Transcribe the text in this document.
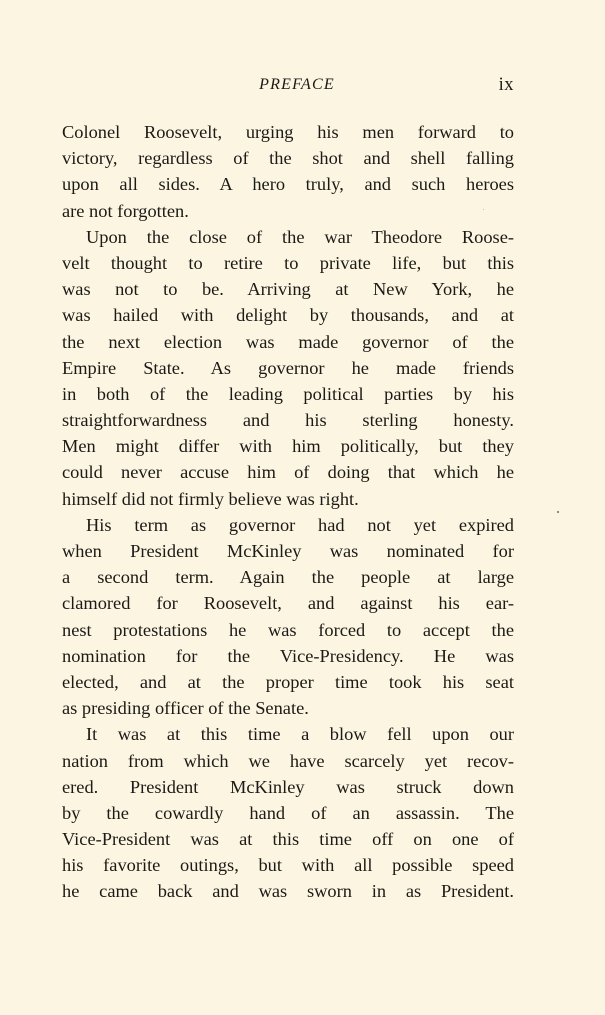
PREFACE	ix
Colonel Roosevelt, urging his men forward to
victory, regardless of the shot and shell falling
upon all sides. A hero truly, and such heroes
are not forgotten.
Upon the close of the war Theodore Roose-
velt thought to retire to private life, but this
was not to be. Arriving at New York, he
was hailed with delight by thousands, and at
the next election was made governor of the
Empire State. As governor he made friends
in both of the leading political parties by his
straightforwardness and his sterling honesty.
Men might differ with him politically, but they
could never accuse him of doing that which he
himself did not firmly believe was right.
His term as governor had not yet expired
when President McKinley was nominated for
a second term. Again the people at large
clamored for Roosevelt, and against his ear-
nest protestations he was forced to accept the
nomination for the Vice-Presidency. He was
elected, and at the proper time took his seat
as presiding officer of the Senate.
It was at this time a blow fell upon our
nation from which we have scarcely yet recov-
ered. President McKinley was struck down
by the cowardly hand of an assassin. The
Vice-President was at this time off on one of
his favorite outings, but with all possible speed
he came back and was sworn in as President.
